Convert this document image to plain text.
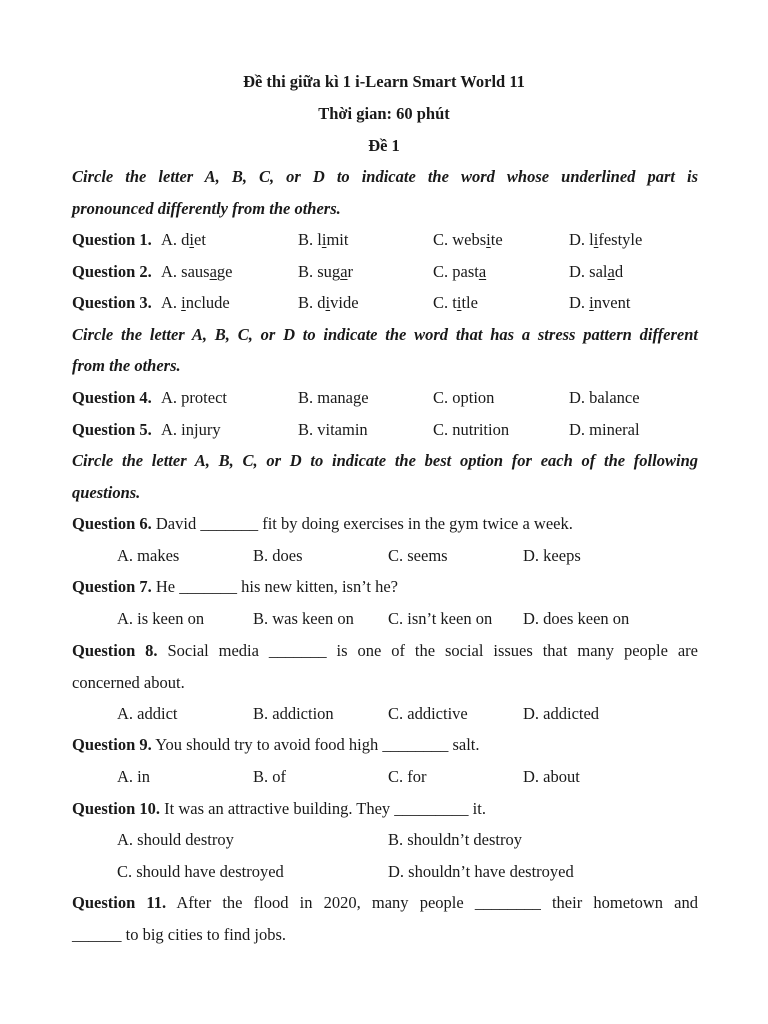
Đề thi giữa kì 1 i-Learn Smart World 11
Thời gian: 60 phút
Đề 1
Circle the letter A, B, C, or D to indicate the word whose underlined part is
pronounced differently from the others.
Question 1. A. diet	B. limit	C. website	D. lifestyle
Question 2. A. sausage	B. sugar	C. pasta	D. salad
Question 3. A. include	B. divide	C. title	D. invent
Circle the letter A, B, C, or D to indicate the word that has a stress pattern different
from the others.
Question 4. A. protect	B. manage	C. option	D. balance
Question 5. A. injury	B. vitamin	C. nutrition	D. mineral
Circle the letter A, B, C, or D to indicate the best option for each of the following
questions.
Question 6. David _______ fit by doing exercises in the gym twice a week.
A. makes	B. does	C. seems	D. keeps
Question 7. He _______ his new kitten, isn’t he?
A. is keen on	B. was keen on C. isn’t keen on D. does keen on
Question 8. Social media _______ is one of the social issues that many people are
concerned about.
A. addict	B. addiction	C. addictive	D. addicted
Question 9. You should try to avoid food high ________ salt.
A. in	B. of	C. for	D. about
Question 10. It was an attractive building. They _________ it.
A. should destroy	B. shouldn’t destroy
C. should have destroyed	D. shouldn’t have destroyed
Question 11. After the flood in 2020, many people ________ their hometown and
______ to big cities to find jobs.
